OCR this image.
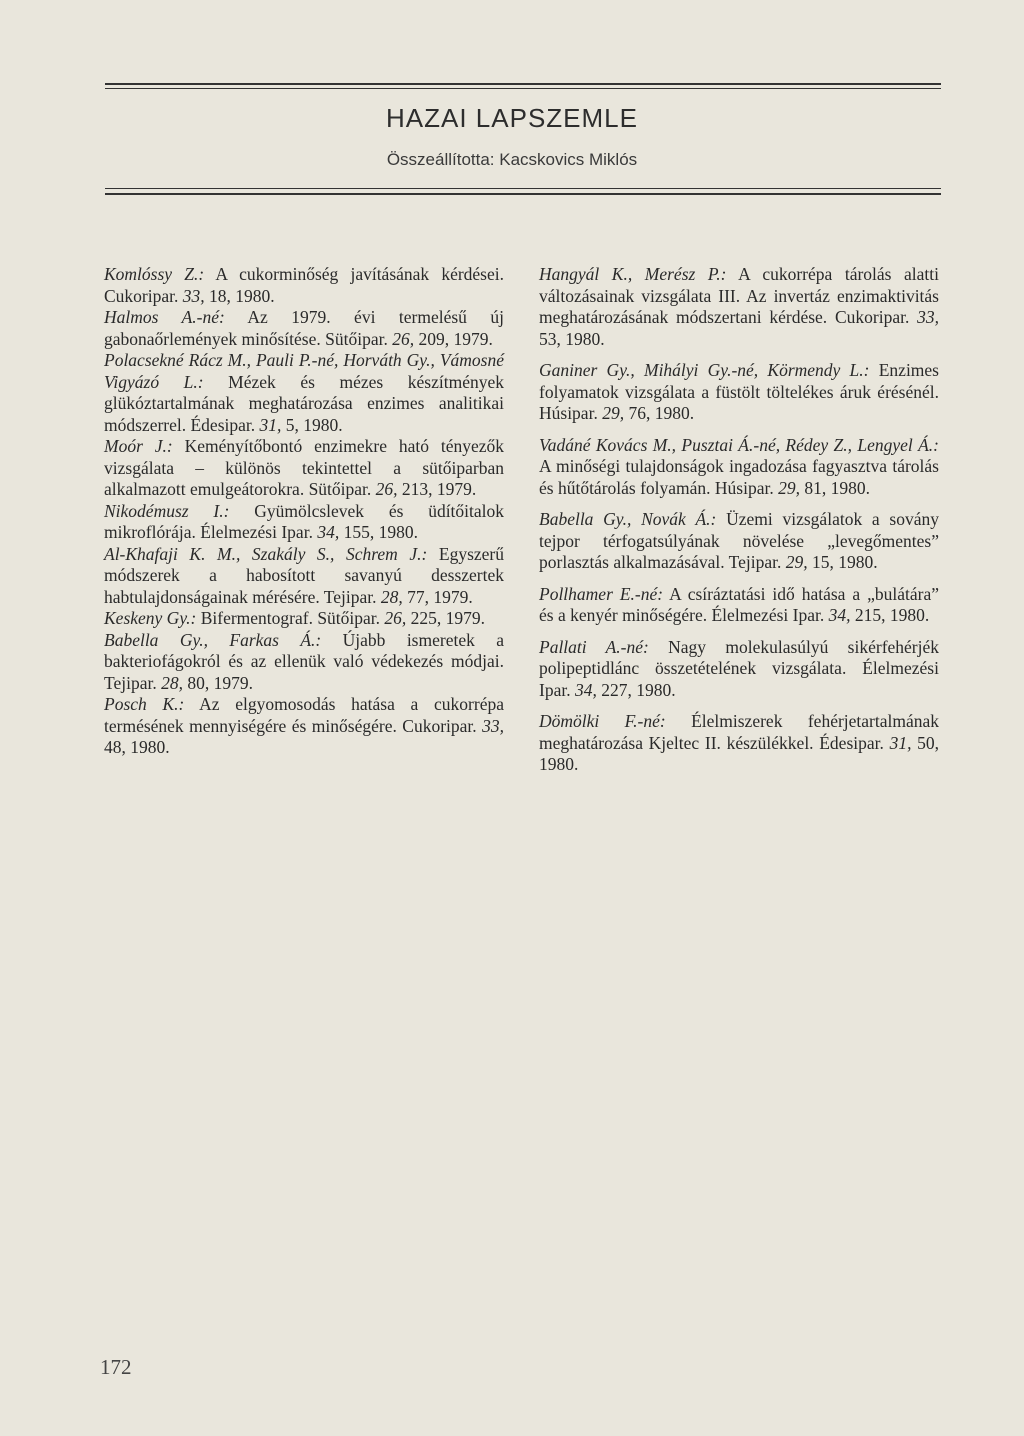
HAZAI LAPSZEMLE
Összeállította: Kacskovics Miklós
Komlóssy Z.: A cukorminőség javításának kérdései. Cukoripar. 33, 18, 1980.
Halmos A.-né: Az 1979. évi termelésű új gabonaőrlemények minősítése. Sütőipar. 26, 209, 1979.
Polacsekné Rácz M., Pauli P.-né, Horváth Gy., Vámosné Vigyázó L.: Mézek és mézes készítmények glükóztartalmának meghatározása enzimes analitikai módszerrel. Édesipar. 31, 5, 1980.
Moór J.: Keményítőbontó enzimekre ható tényezők vizsgálata – különös tekintettel a sütőiparban alkalmazott emulgeátorokra. Sütőipar. 26, 213, 1979.
Nikodémusz I.: Gyümölcslevek és üdítőitalok mikroflórája. Élelmezési Ipar. 34, 155, 1980.
Al-Khafaji K. M., Szakály S., Schrem J.: Egyszerű módszerek a habosított savanyú desszertek habtulajdonságainak mérésére. Tejipar. 28, 77, 1979.
Keskeny Gy.: Bifermentograf. Sütőipar. 26, 225, 1979.
Babella Gy., Farkas Á.: Újabb ismeretek a bakteriofágokról és az ellenük való védekezés módjai. Tejipar. 28, 80, 1979.
Posch K.: Az elgyomosodás hatása a cukorrépa termésének mennyiségére és minőségére. Cukoripar. 33, 48, 1980.
Hangyál K., Merész P.: A cukorrépa tárolás alatti változásainak vizsgálata III. Az invertáz enzimaktivitás meghatározásának módszertani kérdése. Cukoripar. 33, 53, 1980.
Ganiner Gy., Mihályi Gy.-né, Körmendy L.: Enzimes folyamatok vizsgálata a füstölt töltelékes áruk érésénél. Húsipar. 29, 76, 1980.
Vadáné Kovács M., Pusztai Á.-né, Rédey Z., Lengyel Á.: A minőségi tulajdonságok ingadozása fagyasztva tárolás és hűtőtárolás folyamán. Húsipar. 29, 81, 1980.
Babella Gy., Novák Á.: Üzemi vizsgálatok a sovány tejpor térfogatsúlyának növelése „levegőmentes” porlasztás alkalmazásával. Tejipar. 29, 15, 1980.
Pollhamer E.-né: A csíráztatási idő hatása a „bulátára” és a kenyér minőségére. Élelmezési Ipar. 34, 215, 1980.
Pallati A.-né: Nagy molekulasúlyú sikérfehérjék polipeptidlánc összetételének vizsgálata. Élelmezési Ipar. 34, 227, 1980.
Dömölki F.-né: Élelmiszerek fehérjetartalmának meghatározása Kjeltec II. készülékkel. Édesipar. 31, 50, 1980.
172
